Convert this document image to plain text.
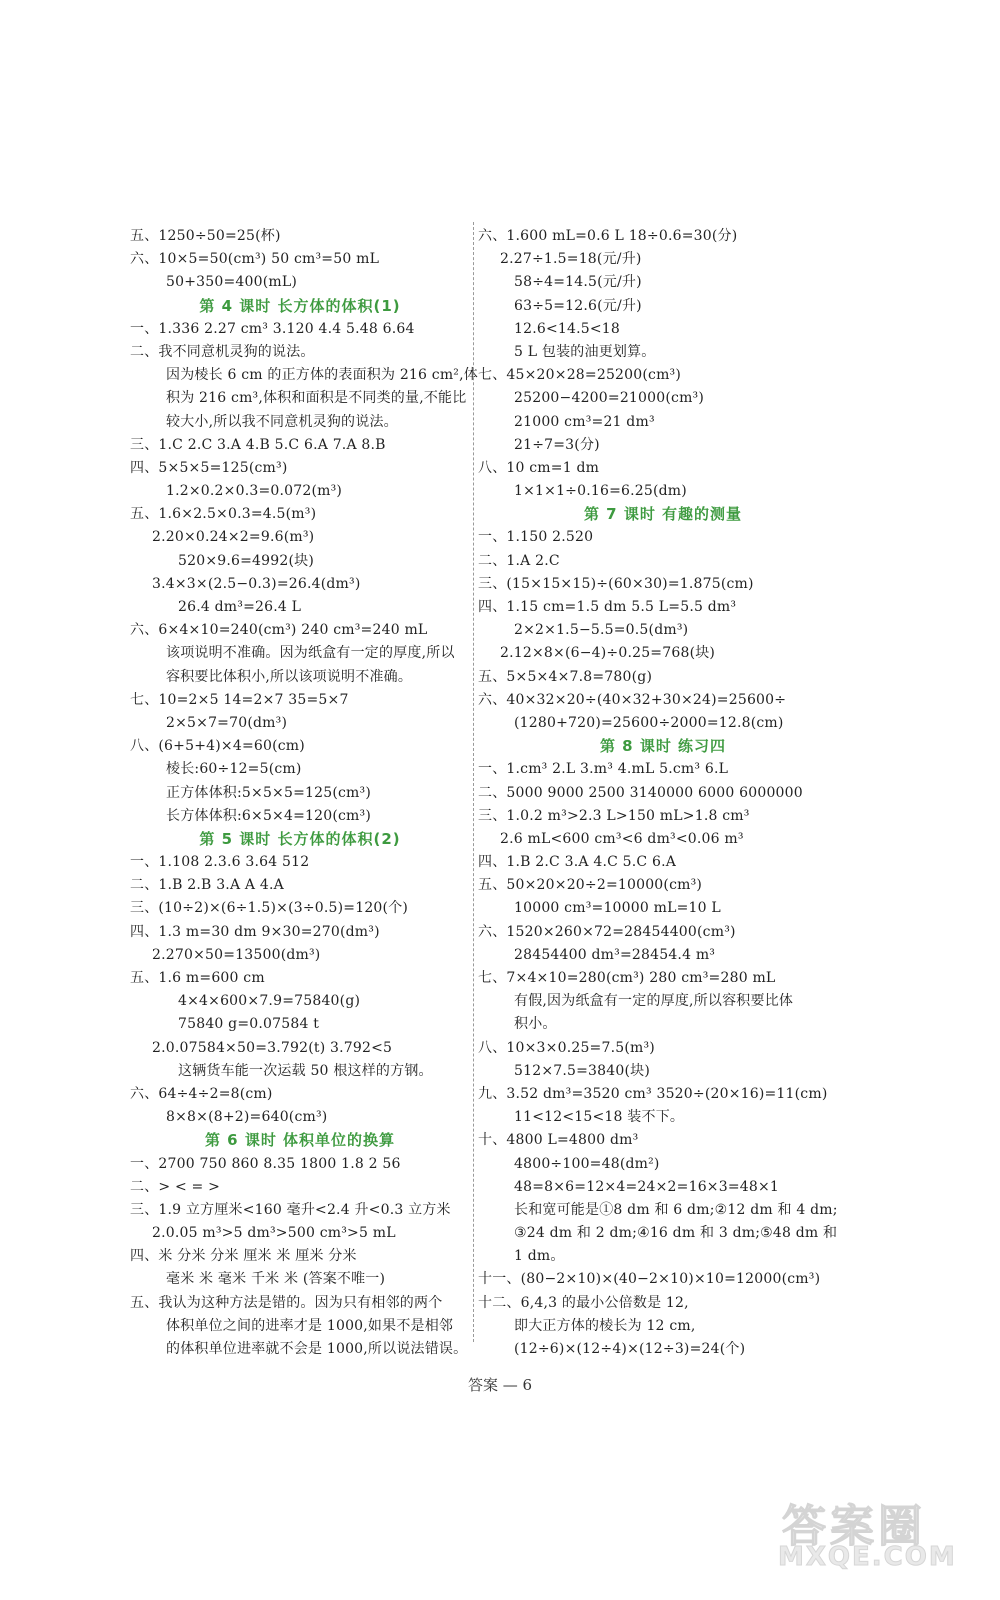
五、1250÷50=25(杯)
六、10×5=50(cm³) 50 cm³=50 mL
50+350=400(mL)
第 4 课时 长方体的体积(1)
一、1.336 2.27 cm³ 3.120 4.4 5.48 6.64
二、我不同意机灵狗的说法。
因为棱长 6 cm 的正方体的表面积为 216 cm²,体
积为 216 cm³,体积和面积是不同类的量,不能比
较大小,所以我不同意机灵狗的说法。
三、1.C 2.C 3.A 4.B 5.C 6.A 7.A 8.B
四、5×5×5=125(cm³)
1.2×0.2×0.3=0.072(m³)
五、1.6×2.5×0.3=4.5(m³)
2.20×0.24×2=9.6(m³)
520×9.6=4992(块)
3.4×3×(2.5−0.3)=26.4(dm³)
26.4 dm³=26.4 L
六、6×4×10=240(cm³) 240 cm³=240 mL
该项说明不准确。因为纸盒有一定的厚度,所以
容积要比体积小,所以该项说明不准确。
七、10=2×5 14=2×7 35=5×7
2×5×7=70(dm³)
八、(6+5+4)×4=60(cm)
棱长:60÷12=5(cm)
正方体体积:5×5×5=125(cm³)
长方体体积:6×5×4=120(cm³)
第 5 课时 长方体的体积(2)
一、1.108 2.3.6 3.64 512
二、1.B 2.B 3.A A 4.A
三、(10÷2)×(6÷1.5)×(3÷0.5)=120(个)
四、1.3 m=30 dm 9×30=270(dm³)
2.270×50=13500(dm³)
五、1.6 m=600 cm
4×4×600×7.9=75840(g)
75840 g=0.07584 t
2.0.07584×50=3.792(t) 3.792<5
这辆货车能一次运载 50 根这样的方钢。
六、64÷4÷2=8(cm)
8×8×(8+2)=640(cm³)
第 6 课时 体积单位的换算
一、2700 750 860 8.35 1800 1.8 2 56
二、> < = >
三、1.9 立方厘米<160 毫升<2.4 升<0.3 立方米
2.0.05 m³>5 dm³>500 cm³>5 mL
四、米 分米 分米 厘米 米 厘米 分米
毫米 米 毫米 千米 米 (答案不唯一)
五、我认为这种方法是错的。因为只有相邻的两个
体积单位之间的进率才是 1000,如果不是相邻
的体积单位进率就不会是 1000,所以说法错误。
六、1.600 mL=0.6 L 18÷0.6=30(分)
2.27÷1.5=18(元/升)
58÷4=14.5(元/升)
63÷5=12.6(元/升)
12.6<14.5<18
5 L 包装的油更划算。
七、45×20×28=25200(cm³)
25200−4200=21000(cm³)
21000 cm³=21 dm³
21÷7=3(分)
八、10 cm=1 dm
1×1×1÷0.16=6.25(dm)
第 7 课时 有趣的测量
一、1.150 2.520
二、1.A 2.C
三、(15×15×15)÷(60×30)=1.875(cm)
四、1.15 cm=1.5 dm 5.5 L=5.5 dm³
2×2×1.5−5.5=0.5(dm³)
2.12×8×(6−4)÷0.25=768(块)
五、5×5×4×7.8=780(g)
六、40×32×20÷(40×32+30×24)=25600÷
(1280+720)=25600÷2000=12.8(cm)
第 8 课时 练习四
一、1.cm³ 2.L 3.m³ 4.mL 5.cm³ 6.L
二、5000 9000 2500 3140000 6000 6000000
三、1.0.2 m³>2.3 L>150 mL>1.8 cm³
2.6 mL<600 cm³<6 dm³<0.06 m³
四、1.B 2.C 3.A 4.C 5.C 6.A
五、50×20×20÷2=10000(cm³)
10000 cm³=10000 mL=10 L
六、1520×260×72=28454400(cm³)
28454400 dm³=28454.4 m³
七、7×4×10=280(cm³) 280 cm³=280 mL
有假,因为纸盒有一定的厚度,所以容积要比体
积小。
八、10×3×0.25=7.5(m³)
512×7.5=3840(块)
九、3.52 dm³=3520 cm³ 3520÷(20×16)=11(cm)
11<12<15<18 装不下。
十、4800 L=4800 dm³
4800÷100=48(dm²)
48=8×6=12×4=24×2=16×3=48×1
长和宽可能是①8 dm 和 6 dm;②12 dm 和 4 dm;
③24 dm 和 2 dm;④16 dm 和 3 dm;⑤48 dm 和
1 dm。
十一、(80−2×10)×(40−2×10)×10=12000(cm³)
十二、6,4,3 的最小公倍数是 12,
即大正方体的棱长为 12 cm,
(12÷6)×(12÷4)×(12÷3)=24(个)
答案 — 6
答案圈
MXQE.COM
